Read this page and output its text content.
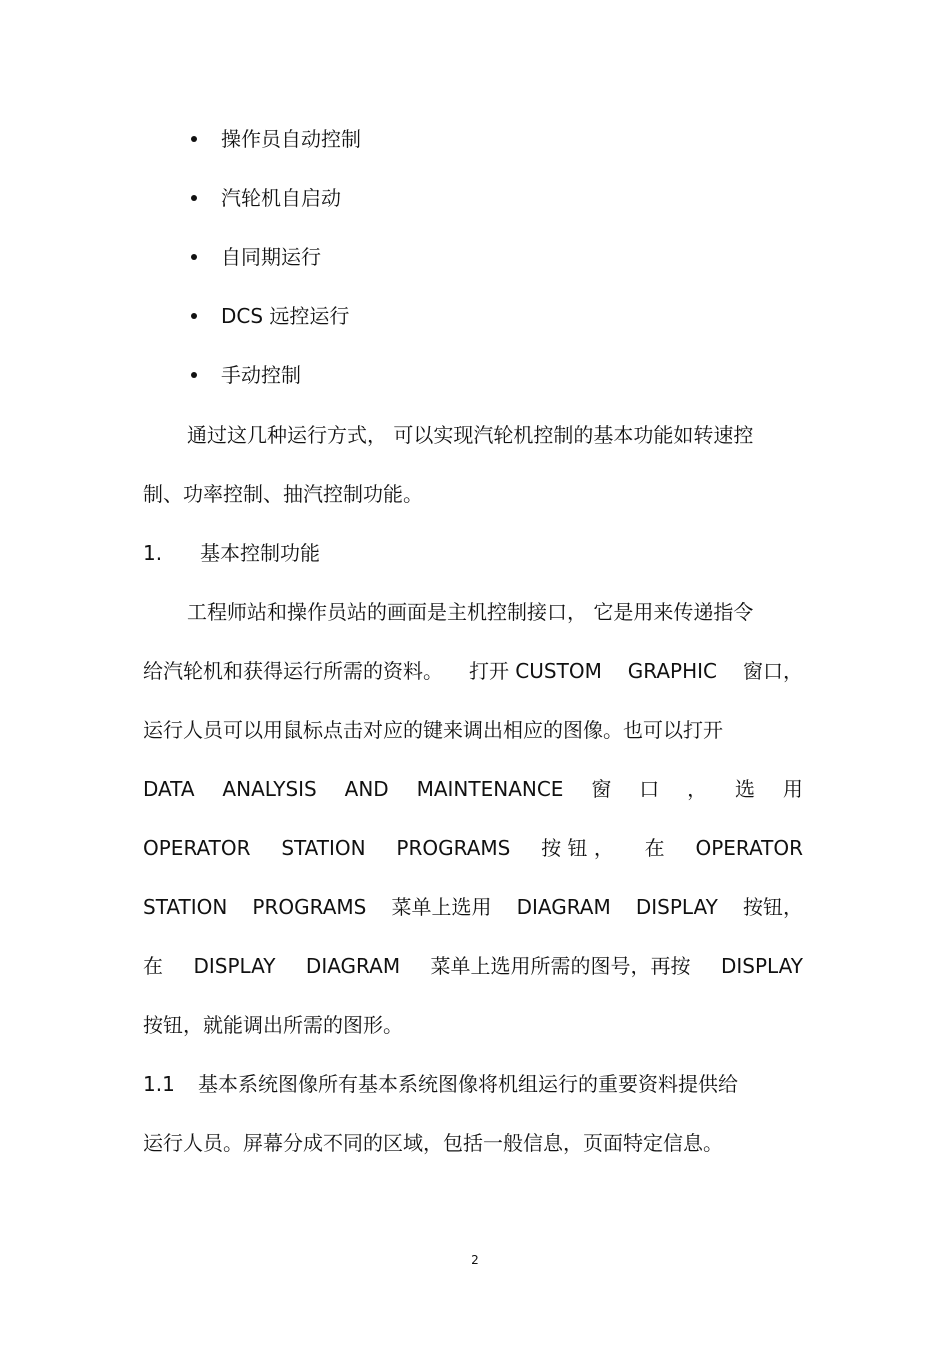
操作员自动控制
汽轮机自启动
自同期运行
DCS 远控运行
手动控制
通过这几种运行方式， 可以实现汽轮机控制的基本功能如转速控
制、功率控制、抽汽控制功能。
1. 基本控制功能
工程师站和操作员站的画面是主机控制接口， 它是用来传递指令
给汽轮机和获得运行所需的资料。 打开 CUSTOM GRAPHIC 窗口，
运行人员可以用鼠标点击对应的键来调出相应的图像。也可以打开
DATA ANALYSIS AND MAINTENANCE 窗 口 ， 选 用
OPERATOR STATION PROGRAMS 按 钮 ， 在 OPERATOR
STATION PROGRAMS 菜单上选用 DIAGRAM DISPLAY 按钮，
在 DISPLAY DIAGRAM 菜单上选用所需的图号，再按 DISPLAY
按钮，就能调出所需的图形。
1.1 基本系统图像所有基本系统图像将机组运行的重要资料提供给
运行人员。屏幕分成不同的区域，包括一般信息，页面特定信息。
2
